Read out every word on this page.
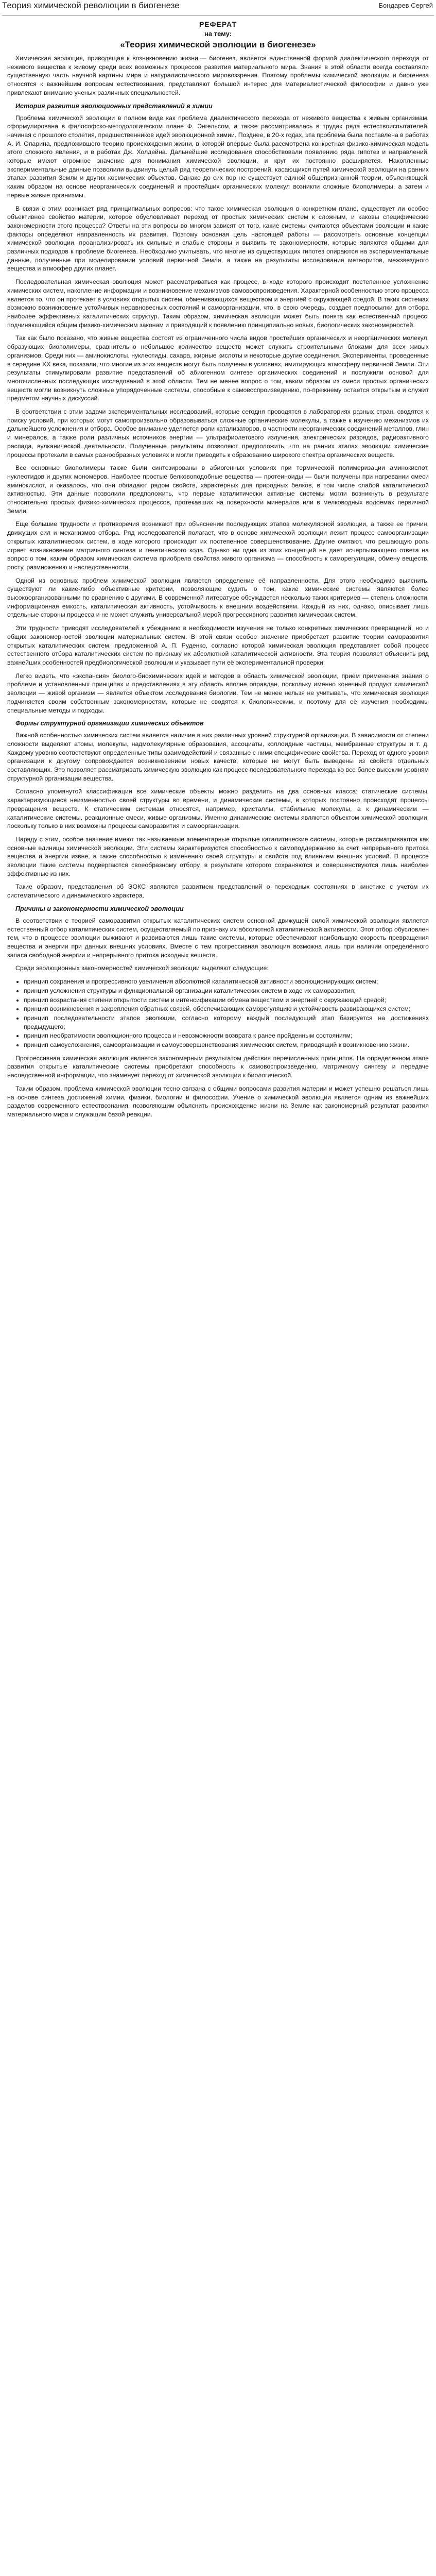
Теория химической революции в биогенезе	Бондарев Сергей
РЕФЕРАТ
на тему:
«Теория химической эволюции в биогенезе»

Химическая эволюция, приводящая к возникновению жизни,— биогенез, является единственной формой диалектического перехода от неживого вещества к живому среди всех возможных процессов развития материального мира. Знания в этой области всегда составляли существенную часть научной картины мира и натуралистического мировоззрения. Поэтому проблемы химической эволюции и биогенеза относятся к важнейшим вопросам естествознания, представляют большой интерес для материалистической философии и давно уже привлекают внимание ученых различных специальностей.

История развития эволюционных представлений в химии

Проблема химической эволюции в полном виде как проблема диалектического перехода от неживого вещества к живым организмам, сформулирована в философско-методологическом плане Ф. Энгельсом, а также рассматривалась в трудах ряда естествоиспытателей, начиная с прошлого столетия, предшественников идей эволюционной химии. Позднее, в 20-х годах, эта проблема была поставлена в работах А. И. Опарина, предложившего теорию происхождения жизни, в которой впервые была рассмотрена конкретная физико-химическая модель этого сложного явления, и в работах Дж. Холдейна. Дальнейшие исследования способствовали появлению ряда гипотез и направлений, которые имеют огромное значение для понимания химической эволюции, и круг их постоянно расширяется. Накопленные экспериментальные данные позволили выдвинуть целый ряд теоретических построений, касающихся путей химической эволюции на ранних этапах развития Земли и других космических объектов. Однако до сих пор не существует единой общепризнанной теории, объясняющей, каким образом на основе неорганических соединений и простейших органических молекул возникли сложные биополимеры, а затем и первые живые организмы.

В связи с этим возникает ряд принципиальных вопросов: что такое химическая эволюция в конкретном плане, существует ли особое объективное свойство материи, которое обусловливает переход от простых химических систем к сложным, и каковы специфические закономерности этого процесса? Ответы на эти вопросы во многом зависят от того, какие системы считаются объектами эволюции и какие факторы определяют направленность их развития. Поэтому основная цель настоящей работы — рассмотреть основные концепции химической эволюции, проанализировать их сильные и слабые стороны и выявить те закономерности, которые являются общими для различных подходов к проблеме биогенеза. Необходимо учитывать, что многие из существующих гипотез опираются на экспериментальные данные, полученные при моделировании условий первичной Земли, а также на результаты исследования метеоритов, межзвездного вещества и атмосфер других планет.

Последовательная химическая эволюция может рассматриваться как процесс, в ходе которого происходит постепенное усложнение химических систем, накопление информации и возникновение механизмов самовоспроизведения. Характерной особенностью этого процесса является то, что он протекает в условиях открытых систем, обменивающихся веществом и энергией с окружающей средой. В таких системах возможно возникновение устойчивых неравновесных состояний и самоорганизации, что, в свою очередь, создает предпосылки для отбора наиболее эффективных каталитических структур. Таким образом, химическая эволюция может быть понята как естественный процесс, подчиняющийся общим физико-химическим законам и приводящий к появлению принципиально новых, биологических закономерностей.

Так как было показано, что живые вещества состоят из ограниченного числа видов простейших органических и неорганических молекул, образующих биополимеры, сравнительно небольшое количество веществ может служить строительными блоками для всех живых организмов. Среди них — аминокислоты, нуклеотиды, сахара, жирные кислоты и некоторые другие соединения. Эксперименты, проведенные в середине XX века, показали, что многие из этих веществ могут быть получены в условиях, имитирующих атмосферу первичной Земли. Эти результаты стимулировали развитие представлений об абиогенном синтезе органических соединений и послужили основой для многочисленных последующих исследований в этой области. Тем не менее вопрос о том, каким образом из смеси простых органических веществ могли возникнуть сложные упорядоченные системы, способные к самовоспроизведению, по-прежнему остается открытым и служит предметом научных дискуссий.

В соответствии с этим задачи экспериментальных исследований, которые сегодня проводятся в лабораториях разных стран, сводятся к поиску условий, при которых могут самопроизвольно образовываться сложные органические молекулы, а также к изучению механизмов их дальнейшего усложнения и отбора. Особое внимание уделяется роли катализаторов, в частности неорганических соединений металлов, глин и минералов, а также роли различных источников энергии — ультрафиолетового излучения, электрических разрядов, радиоактивного распада, вулканической деятельности. Полученные результаты позволяют предположить, что на ранних этапах эволюции химические процессы протекали в самых разнообразных условиях и могли приводить к образованию широкого спектра органических веществ.

Все основные биополимеры также были синтезированы в абиогенных условиях при термической полимеризации аминокислот, нуклеотидов и других мономеров. Наиболее простые белковоподобные вещества — протеиноиды — были получены при нагревании смеси аминокислот, и оказалось, что они обладают рядом свойств, характерных для природных белков, в том числе слабой каталитической активностью. Эти данные позволили предположить, что первые каталитически активные системы могли возникнуть в результате относительно простых физико-химических процессов, протекавших на поверхности минералов или в мелководных водоемах первичной Земли.

Еще большие трудности и противоречия возникают при объяснении последующих этапов молекулярной эволюции, а также ее причин, движущих сил и механизмов отбора. Ряд исследователей полагает, что в основе химической эволюции лежит процесс самоорганизации открытых каталитических систем, в ходе которого происходит их постепенное совершенствование. Другие считают, что решающую роль играет возникновение матричного синтеза и генетического кода. Однако ни одна из этих концепций не дает исчерпывающего ответа на вопрос о том, каким образом химическая система приобрела свойства живого организма — способность к саморегуляции, обмену веществ, росту, размножению и наследственности.

Одной из основных проблем химической эволюции является определение её направленности. Для этого необходимо выяснить, существуют ли какие-либо объективные критерии, позволяющие судить о том, какие химические системы являются более высокоорганизованными по сравнению с другими. В современной литературе обсуждается несколько таких критериев — степень сложности, информационная емкость, каталитическая активность, устойчивость к внешним воздействиям. Каждый из них, однако, описывает лишь отдельные стороны процесса и не может служить универсальной мерой прогрессивного развития химических систем.

Эти трудности приводят исследователей к убеждению в необходимости изучения не только конкретных химических превращений, но и общих закономерностей эволюции материальных систем. В этой связи особое значение приобретает развитие теории саморазвития открытых каталитических систем, предложенной А. П. Руденко, согласно которой химическая эволюция представляет собой процесс естественного отбора каталитических систем по признаку их абсолютной каталитической активности. Эта теория позволяет объяснить ряд важнейших особенностей предбиологической эволюции и указывает пути её экспериментальной проверки.

Легко видеть, что «экспансия» биолого-биохимических идей и методов в область химической эволюции, прием применения знания о проблеме и установленных принципах и представлениях в эту область вполне оправдан, поскольку именно конечный продукт химической эволюции — живой организм — является объектом исследования биологии. Тем не менее нельзя не учитывать, что химическая эволюция подчиняется своим собственным закономерностям, которые не сводятся к биологическим, и поэтому для её изучения необходимы специальные методы и подходы.

Формы структурной организации химических объектов

Важной особенностью химических систем является наличие в них различных уровней структурной организации. В зависимости от степени сложности выделяют атомы, молекулы, надмолекулярные образования, ассоциаты, коллоидные частицы, мембранные структуры и т. д. Каждому уровню соответствуют определенные типы взаимодействий и связанные с ними специфические свойства. Переход от одного уровня организации к другому сопровождается возникновением новых качеств, которые не могут быть выведены из свойств отдельных составляющих. Это позволяет рассматривать химическую эволюцию как процесс последовательного перехода ко все более высоким уровням структурной организации вещества.

Согласно упомянутой классификации все химические объекты можно разделить на два основных класса: статические системы, характеризующиеся неизменностью своей структуры во времени, и динамические системы, в которых постоянно происходят процессы превращения веществ. К статическим системам относятся, например, кристаллы, стабильные молекулы, а к динамическим — каталитические системы, реакционные смеси, живые организмы. Именно динамические системы являются объектом химической эволюции, поскольку только в них возможны процессы саморазвития и самоорганизации.

Наряду с этим, особое значение имеют так называемые элементарные открытые каталитические системы, которые рассматриваются как основные единицы химической эволюции. Эти системы характеризуются способностью к самоподдержанию за счет непрерывного притока вещества и энергии извне, а также способностью к изменению своей структуры и свойств под влиянием внешних условий. В процессе эволюции такие системы подвергаются своеобразному отбору, в результате которого сохраняются и совершенствуются лишь наиболее эффективные из них.

Такие образом, представления об ЭОКС являются развитием представлений о переходных состояниях в кинетике с учетом их систематического и динамического характера.

Причины и закономерности химической эволюции

В соответствии с теорией саморазвития открытых каталитических систем основной движущей силой химической эволюции является естественный отбор каталитических систем, осуществляемый по признаку их абсолютной каталитической активности. Этот отбор обусловлен тем, что в процессе эволюции выживают и развиваются лишь такие системы, которые обеспечивают наибольшую скорость превращения вещества и энергии при данных внешних условиях. Вместе с тем прогрессивная эволюция возможна лишь при наличии определённого запаса свободной энергии и непрерывного притока исходных веществ.

Среди эволюционных закономерностей химической эволюции выделяют следующие:

• принцип сохранения и прогрессивного увеличения абсолютной каталитической активности эволюционирующих систем;
• принцип усложнения структуры и функциональной организации каталитических систем в ходе их саморазвития;
• принцип возрастания степени открытости систем и интенсификации обмена веществом и энергией с окружающей средой;
• принцип возникновения и закрепления обратных связей, обеспечивающих саморегуляцию и устойчивость развивающихся систем;
• принцип последовательности этапов эволюции, согласно которому каждый последующий этап базируется на достижениях предыдущего;
• принцип необратимости эволюционного процесса и невозможности возврата к ранее пройденным состояниям;
• принцип самоусложнения, самоорганизации и самоусовершенствования химических систем, приводящий к возникновению жизни.

Прогрессивная химическая эволюция является закономерным результатом действия перечисленных принципов. На определенном этапе развития открытые каталитические системы приобретают способность к самовоспроизведению, матричному синтезу и передаче наследственной информации, что знаменует переход от химической эволюции к биологической.

Таким образом, проблема химической эволюции тесно связана с общими вопросами развития материи и может успешно решаться лишь на основе синтеза достижений химии, физики, биологии и философии. Учение о химической эволюции является одним из важнейших разделов современного естествознания, позволяющим объяснить происхождение жизни на Земле как закономерный результат развития материального мира и служащим базой реакции.
